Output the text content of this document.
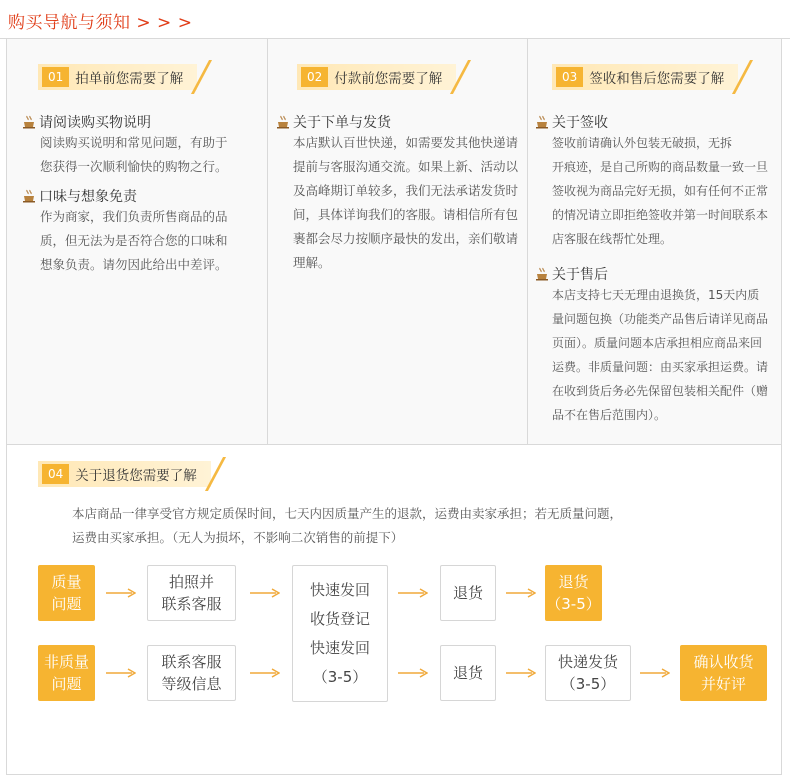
购买导航与须知 > > >
01 拍单前您需要了解
请阅读购买物说明
阅读购买说明和常见问题，有助于
您获得一次顺利愉快的购物之行。
口味与想象免责
作为商家，我们负责所售商品的品
质，但无法为是否符合您的口味和
想象负责。请勿因此给出中差评。
02 付款前您需要了解
关于下单与发货
本店默认百世快递，如需要发其他快递请
提前与客服沟通交流。如果上新、活动以
及高峰期订单较多，我们无法承诺发货时
间，具体详询我们的客服。请相信所有包
裹都会尽力按顺序最快的发出，亲们敬请
理解。
03 签收和售后您需要了解
关于签收
签收前请确认外包装无破损，无拆
开痕迹，是自己所购的商品数量一致一旦
签收视为商品完好无损，如有任何不正常
的情况请立即拒绝签收并第一时间联系本
店客服在线帮忙处理。
关于售后
本店支持七天无理由退换货，15天内质
量问题包换（功能类产品售后请详见商品
页面）。质量问题本店承担相应商品来回
运费。非质量问题：由买家承担运费。请
在收到货后务必先保留包装相关配件（赠
品不在售后范围内）。
04 关于退货您需要了解
本店商品一律享受官方规定质保时间，七天内因质量产生的退款，运费由卖家承担；若无质量问题，
运费由买家承担。（无人为损坏，不影响二次销售的前提下）
质量
问题
拍照并
联系客服
快速发回
收货登记
快速发回
（3-5）
退货
退货
（3-5）
非质量
问题
联系客服
等级信息
退货
快递发货
（3-5）
确认收货
并好评
